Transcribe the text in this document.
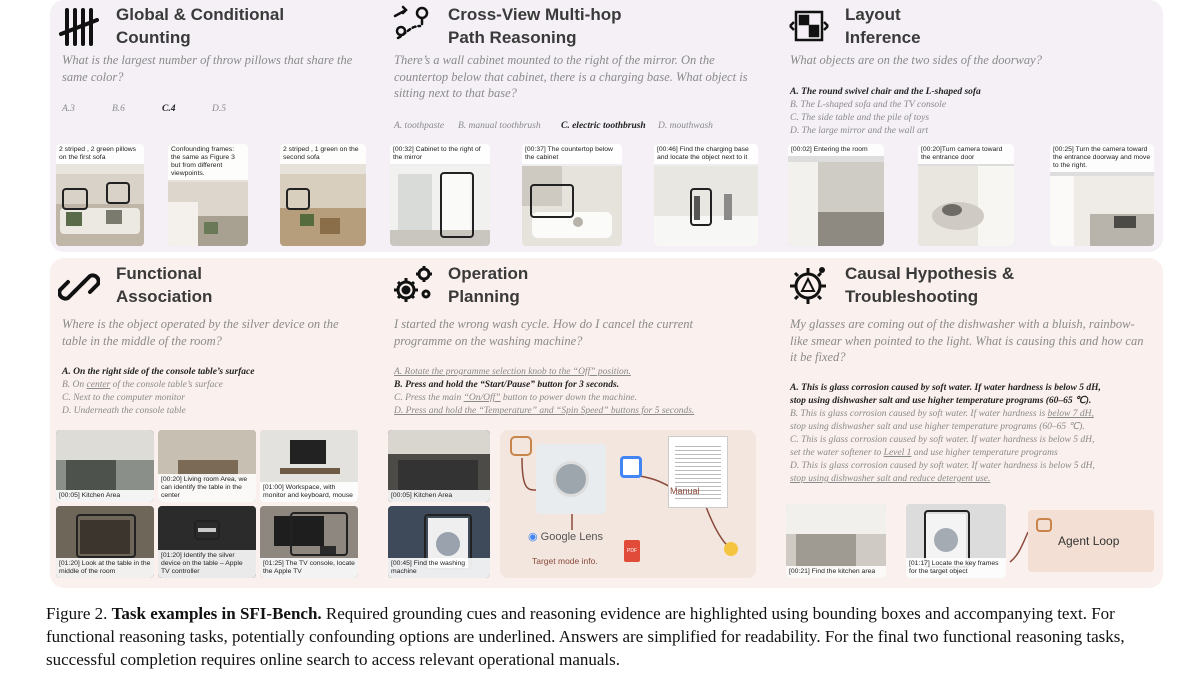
Global & Conditional
Counting
What is the largest number of throw pillows that share the same color?
A.3	B.6	C.4	D.5
2 striped , 2 green pillows on the first sofa
Confounding frames: the same as Figure 3 but from different viewpoints.
2 striped , 1 green on the second sofa
Cross-View Multi-hop
Path Reasoning
There’s a wall cabinet mounted to the right of the mirror. On the countertop below that cabinet, there is a charging base. What object is sitting next to that base?
A. toothpaste B. manual toothbrush C. electric toothbrush D. mouthwash
[00:32] Cabinet to the right of the mirror
[00:37] The countertop below the cabinet
[00:46] Find the charging base and locate the object next to it
Layout
Inference
What objects are on the two sides of the doorway?
A. The round swivel chair and the L-shaped sofa
B. The L-shaped sofa and the TV console
C. The side table and the pile of toys
D. The large mirror and the wall art
[00:02] Entering the room	[00:20]Turn camera toward the entrance door
[00:25] Turn the camera toward the entrance doorway and move to the right.
Functional
Association
Where is the object operated by the silver device on the table in the middle of the room?
A. On the right side of the console table’s surface
B. On center of the console table’s surface
C. Next to the computer monitor
D. Underneath the console table
[00:05] Kitchen Area
[00:20] Living room Area, we can identify the table in the center
[01:00] Workspace, with monitor and keyboard, mouse
[01:20] Look at the table in the middle of the room
[01:20] Identify the silver device on the table – Apple TV controller
[01:25] The TV console, locate the Apple TV
Operation
Planning
I started the wrong wash cycle. How do I cancel the current programme on the washing machine?
A. Rotate the programme selection knob to the “Off” position.
B. Press and hold the “Start/Pause” button for 3 seconds.
C. Press the main “On/Off” button to power down the machine.
D. Press and hold the “Temperature” and “Spin Speed” buttons for 5 seconds.
[00:05] Kitchen Area
[00:45] Find the washing machine
Manual
◉ Google Lens
Target mode info.
PDF
Causal Hypothesis &
Troubleshooting
My glasses are coming out of the dishwasher with a bluish, rainbow-like smear when pointed to the light. What is causing this and how can it be fixed?
A. This is glass corrosion caused by soft water. If water hardness is below 5 dH,
stop using dishwasher salt and use higher temperature programs (60–65 ℃).
B. This is glass corrosion caused by soft water. If water hardness is below 7 dH,
stop using dishwasher salt and use higher temperature programs (60–65 ℃).
C. This is glass corrosion caused by soft water. If water hardness is below 5 dH,
set the water softener to Level 1 and use higher temperature programs
D. This is glass corrosion caused by soft water. If water hardness is below 5 dH,
stop using dishwasher salt and reduce detergent use.
[00:21] Find the kitchen area
[01:17] Locate the key frames for the target object
Agent Loop
Figure 2. Task examples in SFI-Bench. Required grounding cues and reasoning evidence are highlighted using bounding boxes and accompanying text. For functional reasoning tasks, potentially confounding options are underlined. Answers are simplified for readability. For the final two functional reasoning tasks, successful completion requires online search to access relevant operational manuals.
